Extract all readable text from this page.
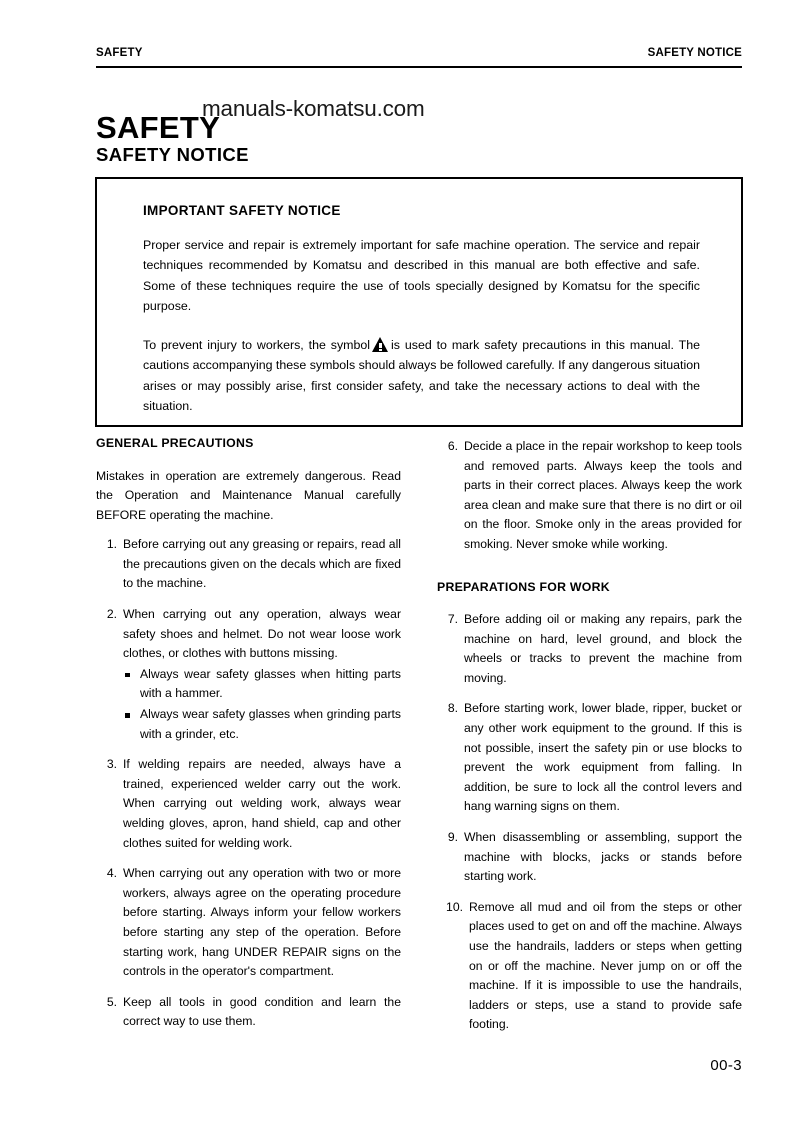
SAFETY	SAFETY NOTICE
manuals-komatsu.com
SAFETY
SAFETY NOTICE
IMPORTANT SAFETY NOTICE

Proper service and repair is extremely important for safe machine operation. The service and repair techniques recommended by Komatsu and described in this manual are both effective and safe. Some of these techniques require the use of tools specially designed by Komatsu for the specific purpose.

To prevent injury to workers, the symbol is used to mark safety precautions in this manual. The cautions accompanying these symbols should always be followed carefully. If any dangerous situation arises or may possibly arise, first consider safety, and take the necessary actions to deal with the situation.

GENERAL PRECAUTIONS

Mistakes in operation are extremely dangerous. Read the Operation and Maintenance Manual carefully BEFORE operating the machine.

1. Before carrying out any greasing or repairs, read all the precautions given on the decals which are fixed to the machine.
2. When carrying out any operation, always wear safety shoes and helmet. Do not wear loose work clothes, or clothes with buttons missing.
Always wear safety glasses when hitting parts with a hammer.
Always wear safety glasses when grinding parts with a grinder, etc.
3. If welding repairs are needed, always have a trained, experienced welder carry out the work. When carrying out welding work, always wear welding gloves, apron, hand shield, cap and other clothes suited for welding work.
4. When carrying out any operation with two or more workers, always agree on the operating procedure before starting. Always inform your fellow workers before starting any step of the operation. Before starting work, hang UNDER REPAIR signs on the controls in the operator's compartment.
5. Keep all tools in good condition and learn the correct way to use them.
6. Decide a place in the repair workshop to keep tools and removed parts. Always keep the tools and parts in their correct places. Always keep the work area clean and make sure that there is no dirt or oil on the floor. Smoke only in the areas provided for smoking. Never smoke while working.
PREPARATIONS FOR WORK
7. Before adding oil or making any repairs, park the machine on hard, level ground, and block the wheels or tracks to prevent the machine from moving.
8. Before starting work, lower blade, ripper, bucket or any other work equipment to the ground. If this is not possible, insert the safety pin or use blocks to prevent the work equipment from falling. In addition, be sure to lock all the control levers and hang warning signs on them.
9. When disassembling or assembling, support the machine with blocks, jacks or stands before starting work.
10. Remove all mud and oil from the steps or other places used to get on and off the machine. Always use the handrails, ladders or steps when getting on or off the machine. Never jump on or off the machine. If it is impossible to use the handrails, ladders or steps, use a stand to provide safe footing.
00-3
